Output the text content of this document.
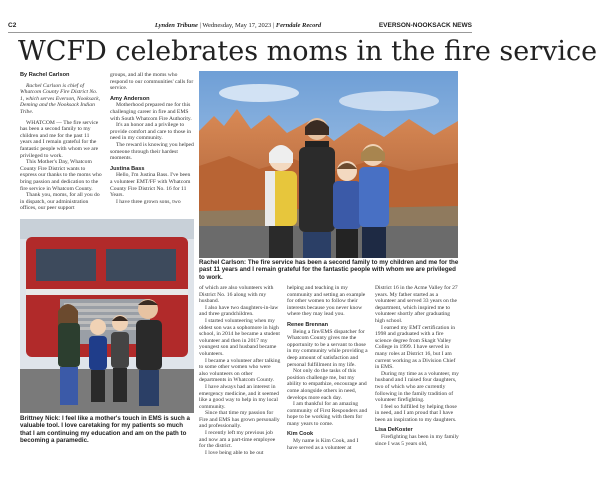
C2	Lynden Tribune | Wednesday, May 17, 2023 | Ferndale Record	EVERSON-NOOKSACK NEWS
WCFD celebrates moms in the fire service
By Rachel Carlson

Rachel Carlson is chief of Whatcom County Fire District No. 1, which serves Everson, Nooksack, Deming and the Nooksack Indian Tribe.

WHATCOM — The fire service has been a second family to my children and me for the past 11 years and I remain grateful for the fantastic people with whom we are privileged to work.

This Mother's Day, Whatcom County Fire District wants to express our thanks to the moms who bring passion and dedication to the fire service in Whatcom County.

Thank you, moms, for all you do in dispatch, our administration offices, our peer support

groups, and all the moms who respond to our communities' calls for service.

Amy Anderson

Motherhood prepared me for this challenging career in fire and EMS with South Whatcom Fire Authority.

It's an honor and a privilege to provide comfort and care to those in need in my community.

The reward is knowing you helped someone through their hardest moments.

Justina Bass

Hello, I'm Justina Bass. I've been a volunteer EMT/FF with Whatcom County Fire District No. 16 for 11 Years.

I have three grown sons, two

Rachel Carlson: The fire service has been a second family to my children and me for the past 11 years and I remain grateful for the fantastic people with whom we are privileged to work.
Brittney Nick: I feel like a mother's touch in EMS is such a valuable tool. I love caretaking for my patients so much that I am continuing my education and am on the path to becoming a paramedic.

of which are also volunteers with District No. 16 along with my husband.

I also have two daughters-in-law and three grandchildren.

I started volunteering when my oldest son was a sophomore in high school, in 2014 he became a student volunteer and then in 2017 my youngest son and husband became volunteers.

I became a volunteer after talking to some other women who were also volunteers on other departments in Whatcom County.

I have always had an interest in emergency medicine, and it seemed like a good way to help in my local community.

Since that time my passion for Fire and EMS has grown personally and professionally.

I recently left my previous job and now am a part-time employee for the district.

I love being able to be out

helping and teaching in my community and setting an example for other women to follow their interests because you never know where they may lead you.

Renee Brennan

Being a fire/EMS dispatcher for Whatcom County gives me the opportunity to be a servant to those in my community while providing a deep amount of satisfaction and personal fulfillment in my life.

Not only do the tasks of this position challenge me, but my ability to empathize, encourage and come alongside others in need, develops more each day.

I am thankful for an amazing community of First Responders and hope to be working with them for many years to come.

Kim Cook

My name is Kim Cook, and I have served as a volunteer at

District 16 in the Acme Valley for 27 years. My father started as a volunteer and served 33 years on the department, which inspired me to volunteer shortly after graduating high school.

I earned my EMT certification in 1998 and graduated with a fire science degree from Skagit Valley College in 1999. I have served in many roles at District 16, but I am current working as a Division Chief in EMS.

During my time as a volunteer, my husband and I raised four daughters, two of which who are currently following in the family tradition of volunteer firefighting.

I feel so fulfilled by helping those in need, and I am proud that I have been an inspiration to my daughters.

Lisa DeKoster

Firefighting has been in my family since I was 5 years old,
